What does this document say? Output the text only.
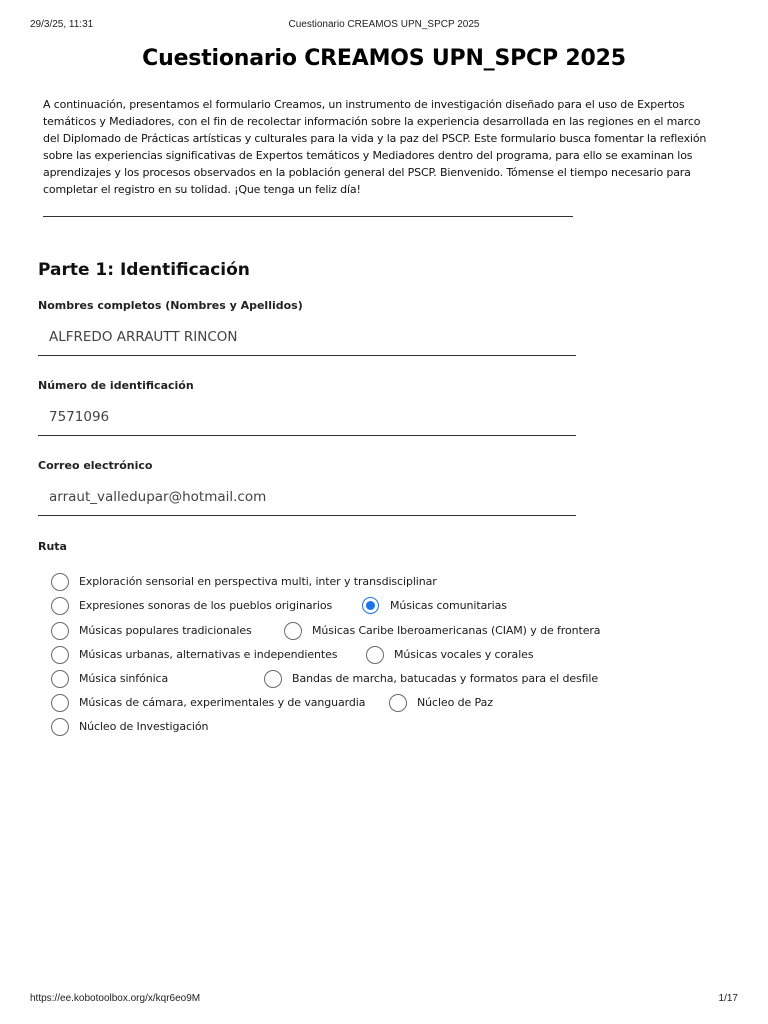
29/3/25, 11:31	Cuestionario CREAMOS UPN_SPCP 2025
Cuestionario CREAMOS UPN_SPCP 2025
A continuación, presentamos el formulario Creamos, un instrumento de investigación diseñado para el uso de Expertos temáticos y Mediadores, con el fin de recolectar información sobre la experiencia desarrollada en las regiones en el marco del Diplomado de Prácticas artísticas y culturales para la vida y la paz del PSCP. Este formulario busca fomentar la reflexión sobre las experiencias significativas de Expertos temáticos y Mediadores dentro del programa, para ello se examinan los aprendizajes y los procesos observados en la población general del PSCP. Bienvenido. Tómense el tiempo necesario para completar el registro en su tolidad. ¡Que tenga un feliz día!
Parte 1: Identificación
Nombres completos (Nombres y Apellidos)
ALFREDO ARRAUTT RINCON
Número de identificación
7571096
Correo electrónico
arraut_valledupar@hotmail.com
Ruta
Exploración sensorial en perspectiva multi, inter y transdisciplinar
Expresiones sonoras de los pueblos originarios	Músicas comunitarias
Músicas populares tradicionales	Músicas Caribe Iberoamericanas (CIAM) y de frontera
Músicas urbanas, alternativas e independientes	Músicas vocales y corales
Música sinfónica	Bandas de marcha, batucadas y formatos para el desfile
Músicas de cámara, experimentales y de vanguardia	Núcleo de Paz
Núcleo de Investigación
https://ee.kobotoolbox.org/x/kqr6eo9M	1/17
